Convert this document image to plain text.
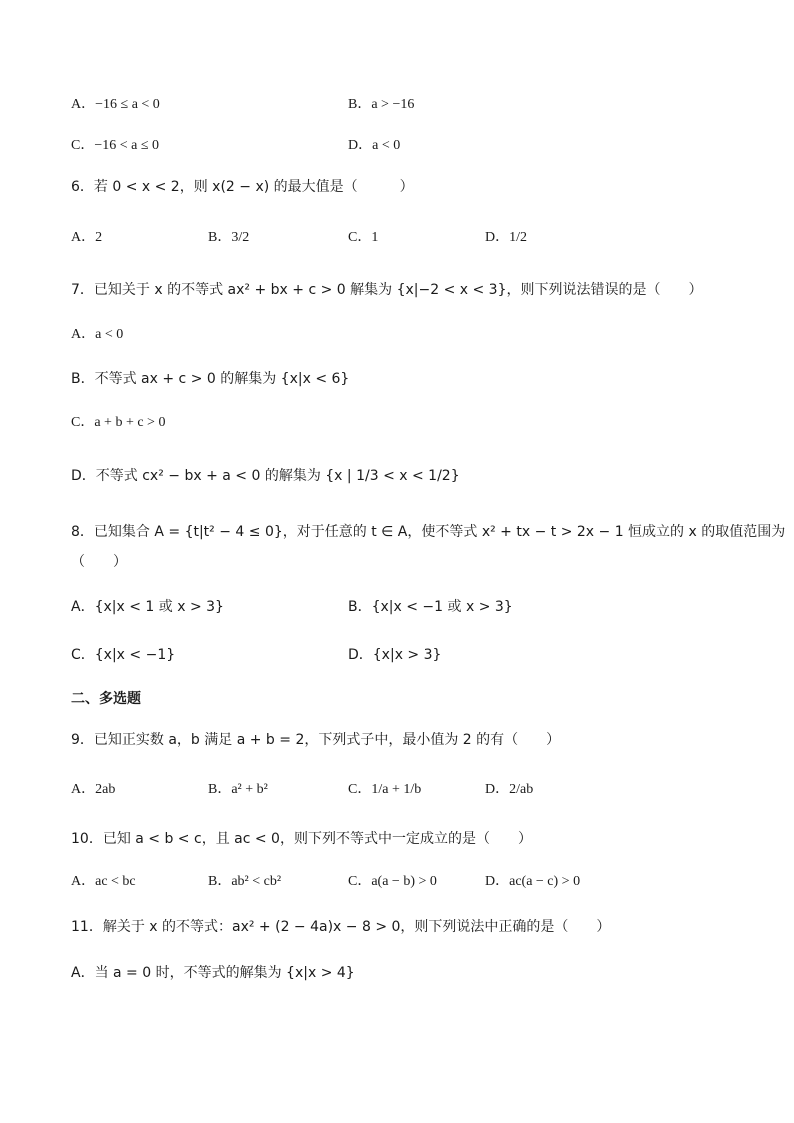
A．−16 ≤ a < 0	B．a > −16
C．−16 < a ≤ 0	D．a < 0
6．若 0 < x < 2，则 x(2 − x) 的最大值是（　　　）
A．2	B．3/2	C．1	D．1/2
7．已知关于 x 的不等式 ax² + bx + c > 0 解集为 {x|−2 < x < 3}，则下列说法错误的是（　　）
A．a < 0
B．不等式 ax + c > 0 的解集为 {x|x < 6}
C．a + b + c > 0
D．不等式 cx² − bx + a < 0 的解集为 {x | 1/3 < x < 1/2}
8．已知集合 A = {t|t² − 4 ≤ 0}，对于任意的 t ∈ A，使不等式 x² + tx − t > 2x − 1 恒成立的 x 的取值范围为
（　　）
A．{x|x < 1 或 x > 3}	B．{x|x < −1 或 x > 3}
C．{x|x < −1}	D．{x|x > 3}
二、多选题
9．已知正实数 a，b 满足 a + b = 2，下列式子中，最小值为 2 的有（　　）
A．2ab	B．a² + b²	C．1/a + 1/b	D．2/ab
10．已知 a < b < c，且 ac < 0，则下列不等式中一定成立的是（　　）
A．ac < bc	B．ab² < cb²	C．a(a − b) > 0	D．ac(a − c) > 0
11．解关于 x 的不等式：ax² + (2 − 4a)x − 8 > 0，则下列说法中正确的是（　　）
A．当 a = 0 时，不等式的解集为 {x|x > 4}
